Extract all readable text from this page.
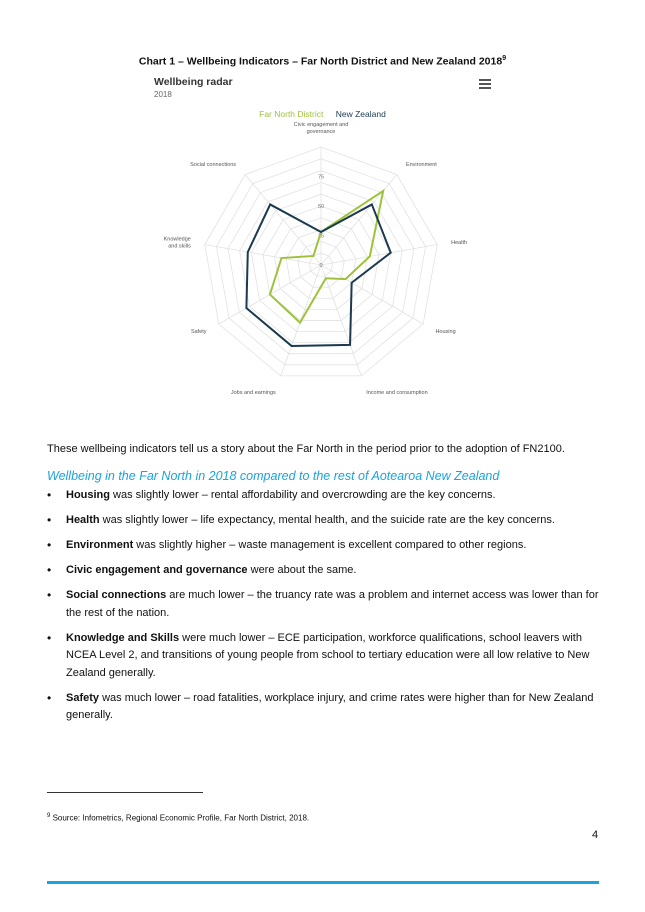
Chart 1 – Wellbeing Indicators – Far North District and New Zealand 2018$^9$
Wellbeing radar
2018
Far North District New Zealand
0
25
50
75
Civic engagement and
governance
Environment
Health
Housing
Income and consumption
Jobs and earnings
Safety
Knowledge
and skills
Social connections

These wellbeing indicators tell us a story about the Far North in the period prior to the adoption of FN2100.

Wellbeing in the Far North in 2018 compared to the rest of Aotearoa New Zealand
• Housing was slightly lower – rental affordability and overcrowding are the key concerns.
• Health was slightly lower – life expectancy, mental health, and the suicide rate are the key concerns.
• Environment was slightly higher – waste management is excellent compared to other regions.
• Civic engagement and governance were about the same.
• Social connections are much lower – the truancy rate was a problem and internet access was lower than for the rest of the nation.
• Knowledge and Skills were much lower – ECE participation, workforce qualifications, school leavers with NCEA Level 2, and transitions of young people from school to tertiary education were all low relative to New Zealand generally.
• Safety was much lower – road fatalities, workplace injury, and crime rates were higher than for New Zealand generally.
$^9$ Source: Infometrics, Regional Economic Profile, Far North District, 2018.
4
